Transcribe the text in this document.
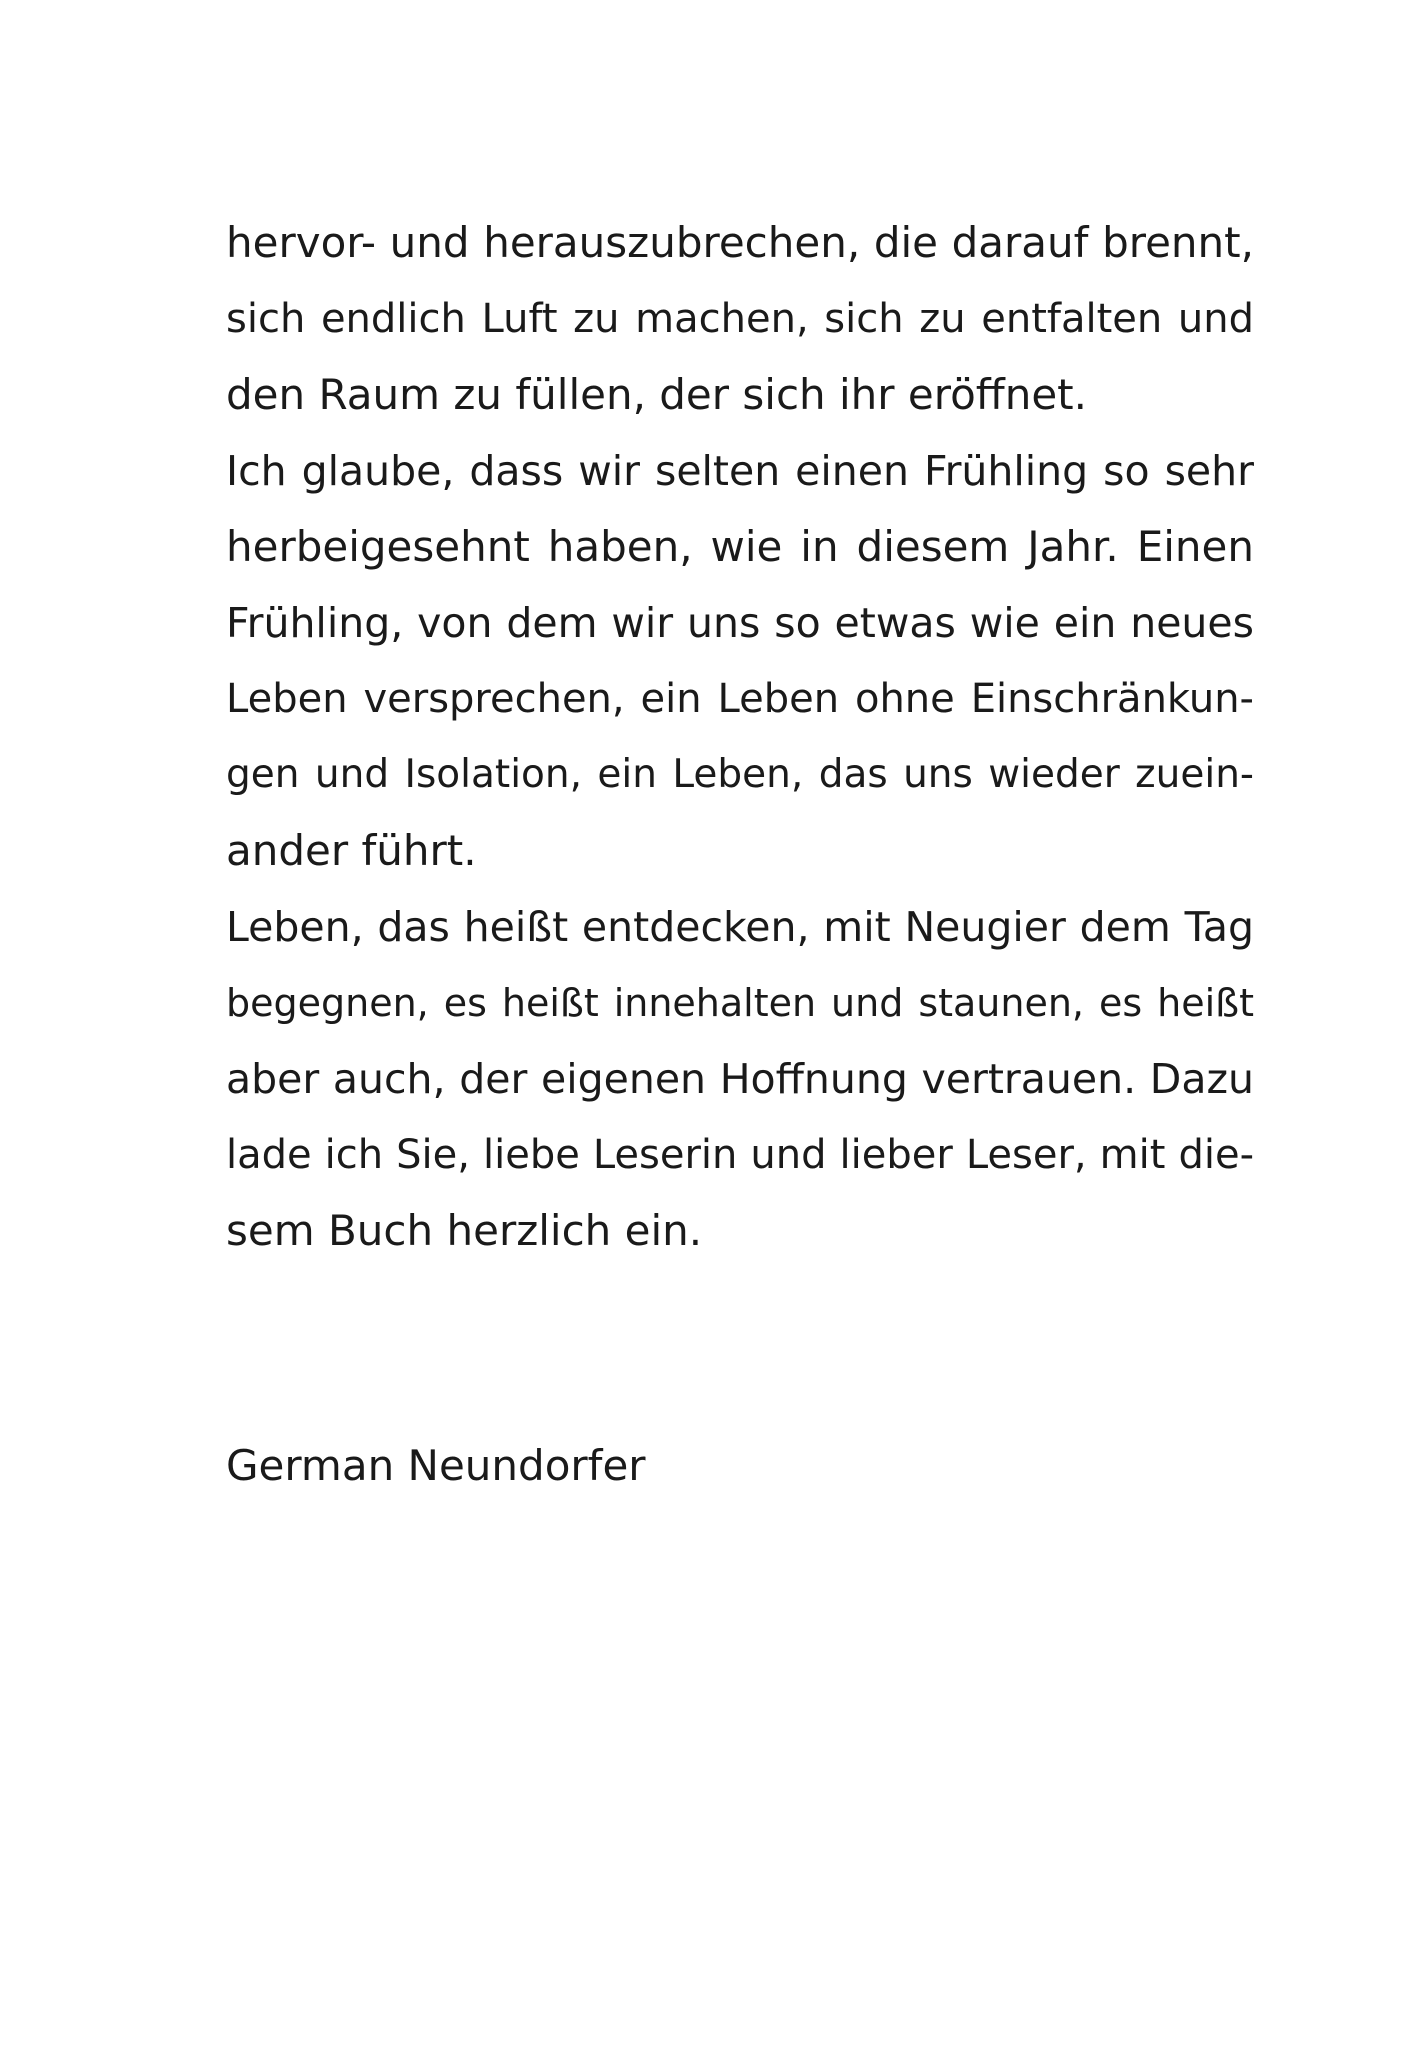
hervor- und herauszubrechen, die darauf brennt,
sich endlich Luft zu machen, sich zu entfalten und
den Raum zu füllen, der sich ihr eröffnet.
Ich glaube, dass wir selten einen Frühling so sehr
herbeigesehnt haben, wie in diesem Jahr. Einen
Frühling, von dem wir uns so etwas wie ein neues
Leben versprechen, ein Leben ohne Einschränkun-
gen und Isolation, ein Leben, das uns wieder zuein-
ander führt.
Leben, das heißt entdecken, mit Neugier dem Tag
begegnen, es heißt innehalten und staunen, es heißt
aber auch, der eigenen Hoffnung vertrauen. Dazu
lade ich Sie, liebe Leserin und lieber Leser, mit die-
sem Buch herzlich ein.
German Neundorfer
